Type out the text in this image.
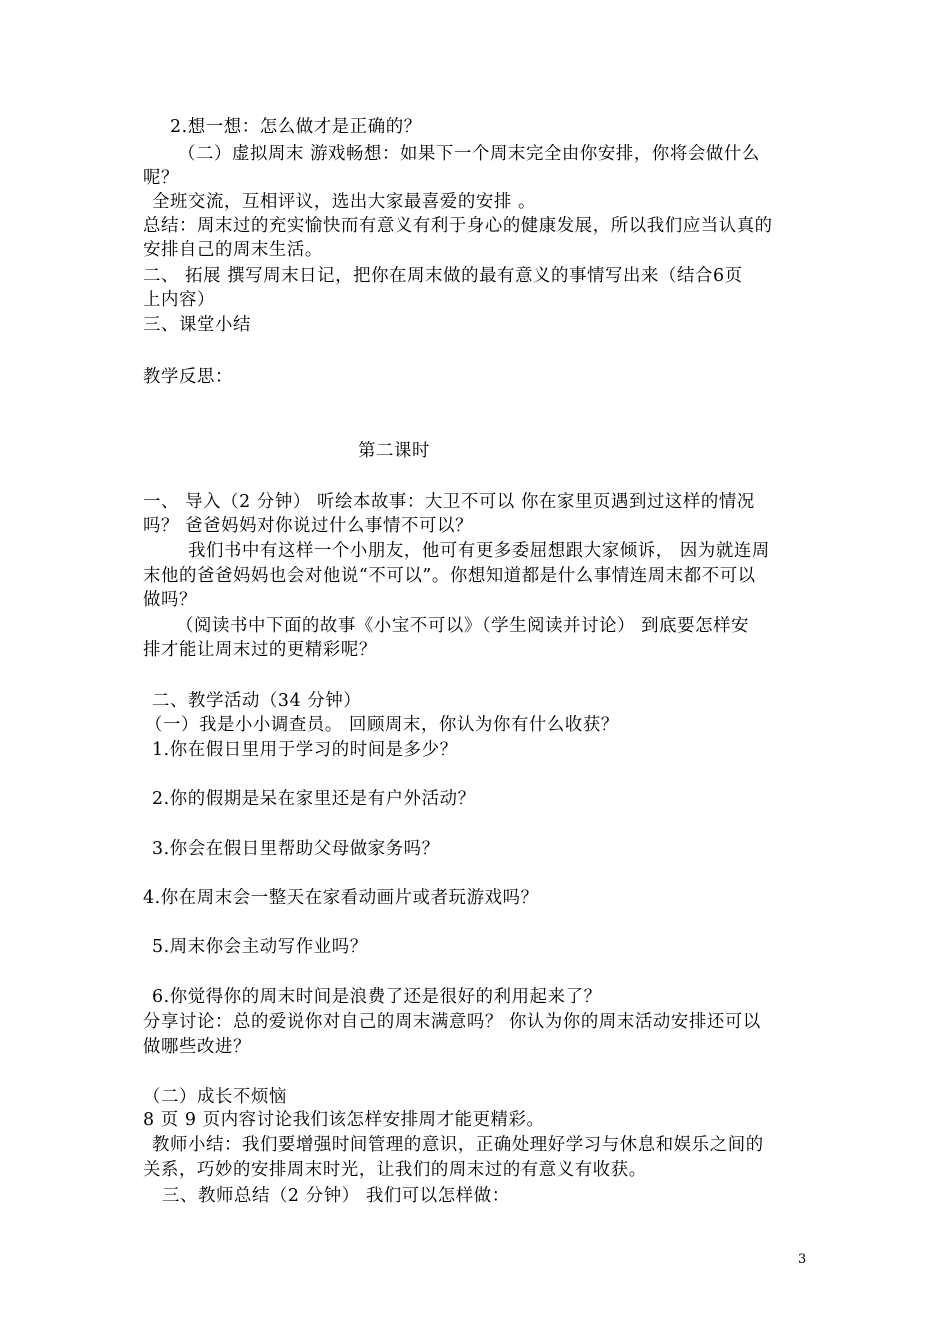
2.想一想：怎么做才是正确的？
（二）虚拟周末 游戏畅想：如果下一个周末完全由你安排，你将会做什么
呢？
全班交流，互相评议，选出大家最喜爱的安排 。
总结：周末过的充实愉快而有意义有利于身心的健康发展，所以我们应当认真的
安排自己的周末生活。
二、 拓展 撰写周末日记，把你在周末做的最有意义的事情写出来（结合6页
上内容）
三、课堂小结
教学反思：
第二课时
一、 导入（2 分钟） 听绘本故事：大卫不可以 你在家里页遇到过这样的情况
吗？ 爸爸妈妈对你说过什么事情不可以？
我们书中有这样一个小朋友，他可有更多委屈想跟大家倾诉， 因为就连周
末他的爸爸妈妈也会对他说“不可以”。你想知道都是什么事情连周末都不可以
做吗？
（阅读书中下面的故事《小宝不可以》（学生阅读并讨论） 到底要怎样安
排才能让周末过的更精彩呢？
二、教学活动（34 分钟）
（一）我是小小调查员。 回顾周末，你认为你有什么收获？
1.你在假日里用于学习的时间是多少？
2.你的假期是呆在家里还是有户外活动？
3.你会在假日里帮助父母做家务吗？
4.你在周末会一整天在家看动画片或者玩游戏吗？
5.周末你会主动写作业吗？
6.你觉得你的周末时间是浪费了还是很好的利用起来了？
分享讨论：总的爱说你对自己的周末满意吗？ 你认为你的周末活动安排还可以
做哪些改进？
（二）成长不烦恼
8 页 9 页内容讨论我们该怎样安排周才能更精彩。
教师小结：我们要增强时间管理的意识，正确处理好学习与休息和娱乐之间的
关系，巧妙的安排周末时光，让我们的周末过的有意义有收获。
三、教师总结（2 分钟） 我们可以怎样做：
3
